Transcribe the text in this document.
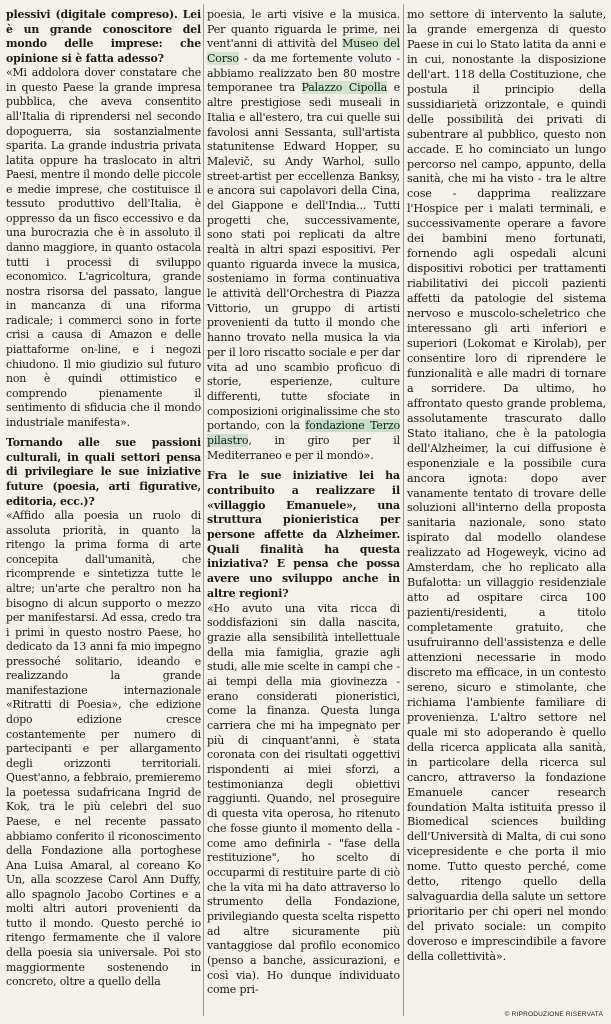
plessivi (digitale compreso). Lei è un grande conoscitore del mondo delle imprese: che opinione si è fatta adesso?

«Mi addolora dover constatare che in questo Paese la grande impresa pubblica, che aveva consentito all'Italia di riprendersi nel secondo dopoguerra, sia sostanzialmente sparita. La grande industria privata latita oppure ha traslocato in altri Paesi, mentre il mondo delle piccole e medie imprese, che costituisce il tessuto produttivo dell'Italia, è oppresso da un fisco eccessivo e da una burocrazia che è in assoluto il danno maggiore, in quanto ostacola tutti i processi di sviluppo economico. L'agricoltura, grande nostra risorsa del passato, langue in mancanza di una riforma radicale; i commerci sono in forte crisi a causa di Amazon e delle piattaforme on-line, e i negozi chiudono. Il mio giudizio sul futuro non è quindi ottimistico e comprendo pienamente il sentimento di sfiducia che il mondo industriale manifesta».

Tornando alle sue passioni culturali, in quali settori pensa di privilegiare le sue iniziative future (poesia, arti figurative, editoria, ecc.)?

«Affido alla poesia un ruolo di assoluta priorità, in quanto la ritengo la prima forma di arte concepita dall'umanità, che ricomprende e sintetizza tutte le altre; un'arte che peraltro non ha bisogno di alcun supporto o mezzo per manifestarsi. Ad essa, credo tra i primi in questo nostro Paese, ho dedicato da 13 anni fa mio impegno pressoché solitario, ideando e realizzando la grande manifestazione internazionale «Ritratti di Poesia», che edizione dopo edizione cresce costantemente per numero di partecipanti e per allargamento degli orizzonti territoriali. Quest'anno, a febbraio, premieremo la poetessa sudafricana Ingrid de Kok, tra le più celebri del suo Paese, e nel recente passato abbiamo conferito il riconoscimento della Fondazione alla portoghese Ana Luisa Amaral, al coreano Ko Un, alla scozzese Carol Ann Duffy, allo spagnolo Jacobo Cortines e a molti altri autori provenienti da tutto il mondo. Questo perché io ritengo fermamente che il valore della poesia sia universale. Poi sto maggiormente sostenendo in concreto, oltre a quello della

poesia, le arti visive e la musica. Per quanto riguarda le prime, nei vent'anni di attività del Museo del Corso - da me fortemente voluto - abbiamo realizzato ben 80 mostre temporanee tra Palazzo Cipolla e altre prestigiose sedi museali in Italia e all'estero, tra cui quelle sui favolosi anni Sessanta, sull'artista statunitense Edward Hopper, su Malevič, su Andy Warhol, sullo street-artist per eccellenza Banksy, e ancora sui capolavori della Cina, del Giappone e dell'India... Tutti progetti che, successivamente, sono stati poi replicati da altre realtà in altri spazi espositivi. Per quanto riguarda invece la musica, sosteniamo in forma continuativa le attività dell'Orchestra di Piazza Vittorio, un gruppo di artisti provenienti da tutto il mondo che hanno trovato nella musica la via per il loro riscatto sociale e per dar vita ad uno scambio proficuo di storie, esperienze, culture differenti, tutte sfociate in composizioni originalissime che sto portando, con la fondazione Terzo pilastro, in giro per il Mediterraneo e per il mondo».

Fra le sue iniziative lei ha contribuito a realizzare il «villaggio Emanuele», una struttura pionieristica per persone affette da Alzheimer. Quali finalità ha questa iniziativa? E pensa che possa avere uno sviluppo anche in altre regioni?

«Ho avuto una vita ricca di soddisfazioni sin dalla nascita, grazie alla sensibilità intellettuale della mia famiglia, grazie agli studi, alle mie scelte in campi che - ai tempi della mia giovinezza - erano considerati pioneristici, come la finanza. Questa lunga carriera che mi ha impegnato per più di cinquant'anni, è stata coronata con dei risultati oggettivi rispondenti ai miei sforzi, a testimonianza degli obiettivi raggiunti. Quando, nel proseguire di questa vita operosa, ho ritenuto che fosse giunto il momento della - come amo definirla - "fase della restituzione", ho scelto di occuparmi di restituire parte di ciò che la vita mi ha dato attraverso lo strumento della Fondazione, privilegiando questa scelta rispetto ad altre sicuramente più vantaggiose dal profilo economico (penso a banche, assicurazioni, e così via). Ho dunque individuato come pri-

mo settore di intervento la salute, la grande emergenza di questo Paese in cui lo Stato latita da anni e in cui, nonostante la disposizione dell'art. 118 della Costituzione, che postula il principio della sussidiarietà orizzontale, e quindi delle possibilità dei privati di subentrare al pubblico, questo non accade. E ho cominciato un lungo percorso nel campo, appunto, della sanità, che mi ha visto - tra le altre cose - dapprima realizzare l'Hospice per i malati terminali, e successivamente operare a favore dei bambini meno fortunati, fornendo agli ospedali alcuni dispositivi robotici per trattamenti riabilitativi dei piccoli pazienti affetti da patologie del sistema nervoso e muscolo-scheletrico che interessano gli arti inferiori e superiori (Lokomat e Kirolab), per consentire loro di riprendere le funzionalità e alle madri di tornare a sorridere. Da ultimo, ho affrontato questo grande problema, assolutamente trascurato dallo Stato italiano, che è la patologia dell'Alzheimer, la cui diffusione è esponenziale e la possibile cura ancora ignota: dopo aver vanamente tentato di trovare delle soluzioni all'interno della proposta sanitaria nazionale, sono stato ispirato dal modello olandese realizzato ad Hogeweyk, vicino ad Amsterdam, che ho replicato alla Bufalotta: un villaggio residenziale atto ad ospitare circa 100 pazienti/residenti, a titolo completamente gratuito, che usufruiranno dell'assistenza e delle attenzioni necessarie in modo discreto ma efficace, in un contesto sereno, sicuro e stimolante, che richiama l'ambiente familiare di provenienza. L'altro settore nel quale mi sto adoperando è quello della ricerca applicata alla sanità, in particolare della ricerca sul cancro, attraverso la fondazione Emanuele cancer research foundation Malta istituita presso il Biomedical sciences building dell'Università di Malta, di cui sono vicepresidente e che porta il mio nome. Tutto questo perché, come detto, ritengo quello della salvaguardia della salute un settore prioritario per chi operi nel mondo del privato sociale: un compito doveroso e imprescindibile a favore della collettività».

© RIPRODUZIONE RISERVATA
